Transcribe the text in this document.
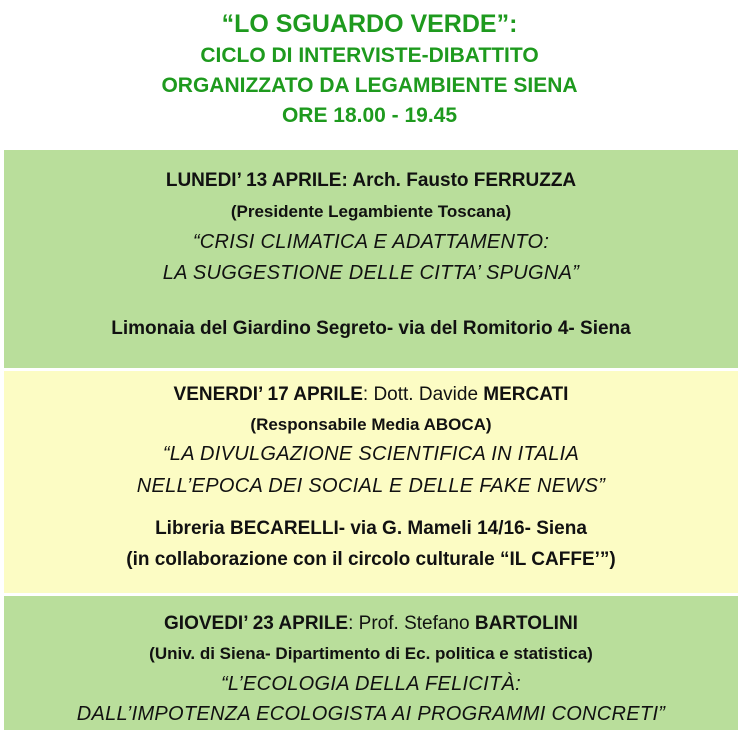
“LO SGUARDO VERDE”:
CICLO DI INTERVISTE-DIBATTITO
ORGANIZZATO DA LEGAMBIENTE SIENA
ORE 18.00 - 19.45
LUNEDI’ 13 APRILE: Arch. Fausto FERRUZZA
(Presidente Legambiente Toscana)
“CRISI CLIMATICA E ADATTAMENTO:
LA SUGGESTIONE DELLE CITTA’ SPUGNA”
Limonaia del Giardino Segreto- via del Romitorio 4- Siena
VENERDI’ 17 APRILE: Dott. Davide MERCATI
(Responsabile Media ABOCA)
“LA DIVULGAZIONE SCIENTIFICA IN ITALIA
NELL’EPOCA DEI SOCIAL E DELLE FAKE NEWS”
Libreria BECARELLI- via G. Mameli 14/16- Siena
(in collaborazione con il circolo culturale “IL CAFFE’”)
GIOVEDI’ 23 APRILE: Prof. Stefano BARTOLINI
(Univ. di Siena- Dipartimento di Ec. politica e statistica)
“L’ECOLOGIA DELLA FELICITÀ:
DALL’IMPOTENZA ECOLOGISTA AI PROGRAMMI CONCRETI”
